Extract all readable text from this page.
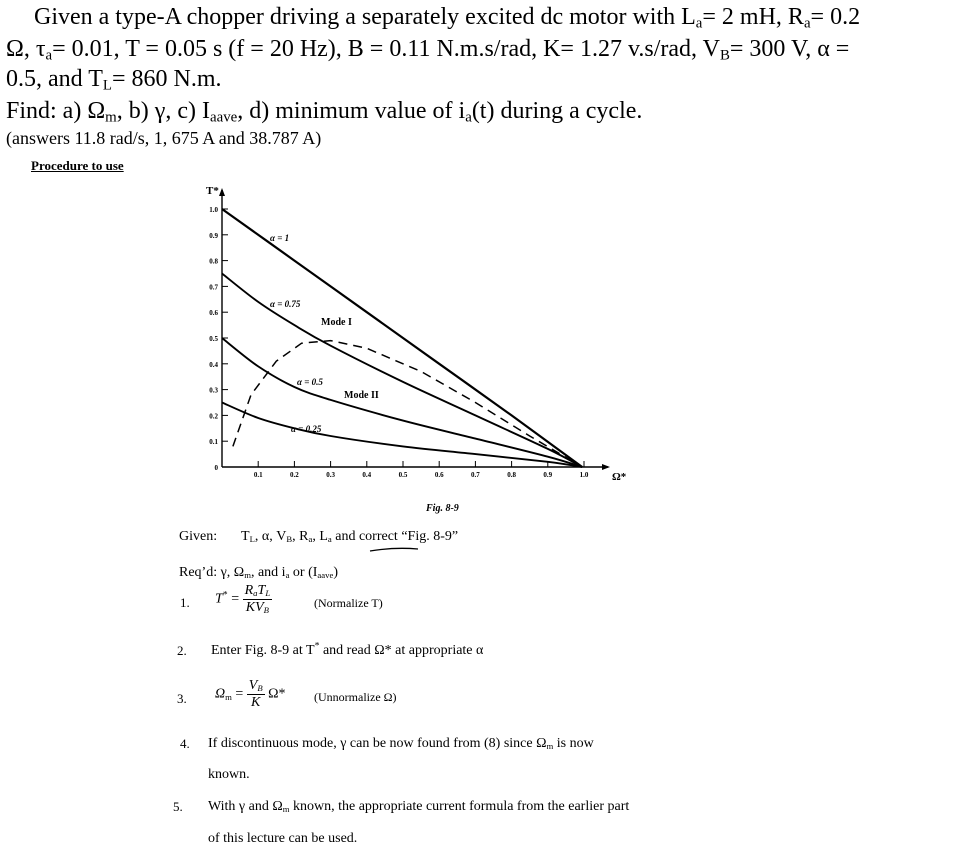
Given a type-A chopper driving a separately excited dc motor with $L_a= 2$ mH, $R_a= 0.2$
Ω, $\tau_a= 0.01$, T = 0.05 s (f = 20 Hz), B = 0.11 N.m.s/rad, K= 1.27 v.s/rad, $V_B= 300$ V, α =
0.5, and $T_L= 860$ N.m.
Find: a) $\Omega_m$, b) γ, c) $I_{aave}$, d) minimum value of $i_a(t)$ during a cycle.
(answers 11.8 rad/s, 1, 675 A and 38.787 A)
Procedure to use
0
0.1
0.2
0.3
0.4
0.5
0.6
0.7
0.8
0.9
1.0
0.1	0.2	0.3	0.4	0.5	0.6	0.7	0.8	0.9	1.0
T*
Ω*
Mode I
Mode II
α = 1
α = 0.75
α = 0.5
α = 0.25
Fig. 8-9
Given: $T_L$, α, $V_B$, $R_a$, $L_a$ and correct “Fig. 8-9”
Req’d: γ, $\Omega_m$, and $i_a$ or $(I_{aave})$
1. $T^* = \frac{R_aT_L}{KV_B}$	(Normalize T)
2. Enter Fig. 8-9 at T* and read Ω* at appropriate α
3. $\Omega_m = \frac{V_B}{K} \Omega*$ (Unnormalize Ω)
4. If discontinuous mode, γ can be now found from (8) since $\Omega_m$ is now
known.
5. With γ and $\Omega_m$ known, the appropriate current formula from the earlier part
of this lecture can be used.
